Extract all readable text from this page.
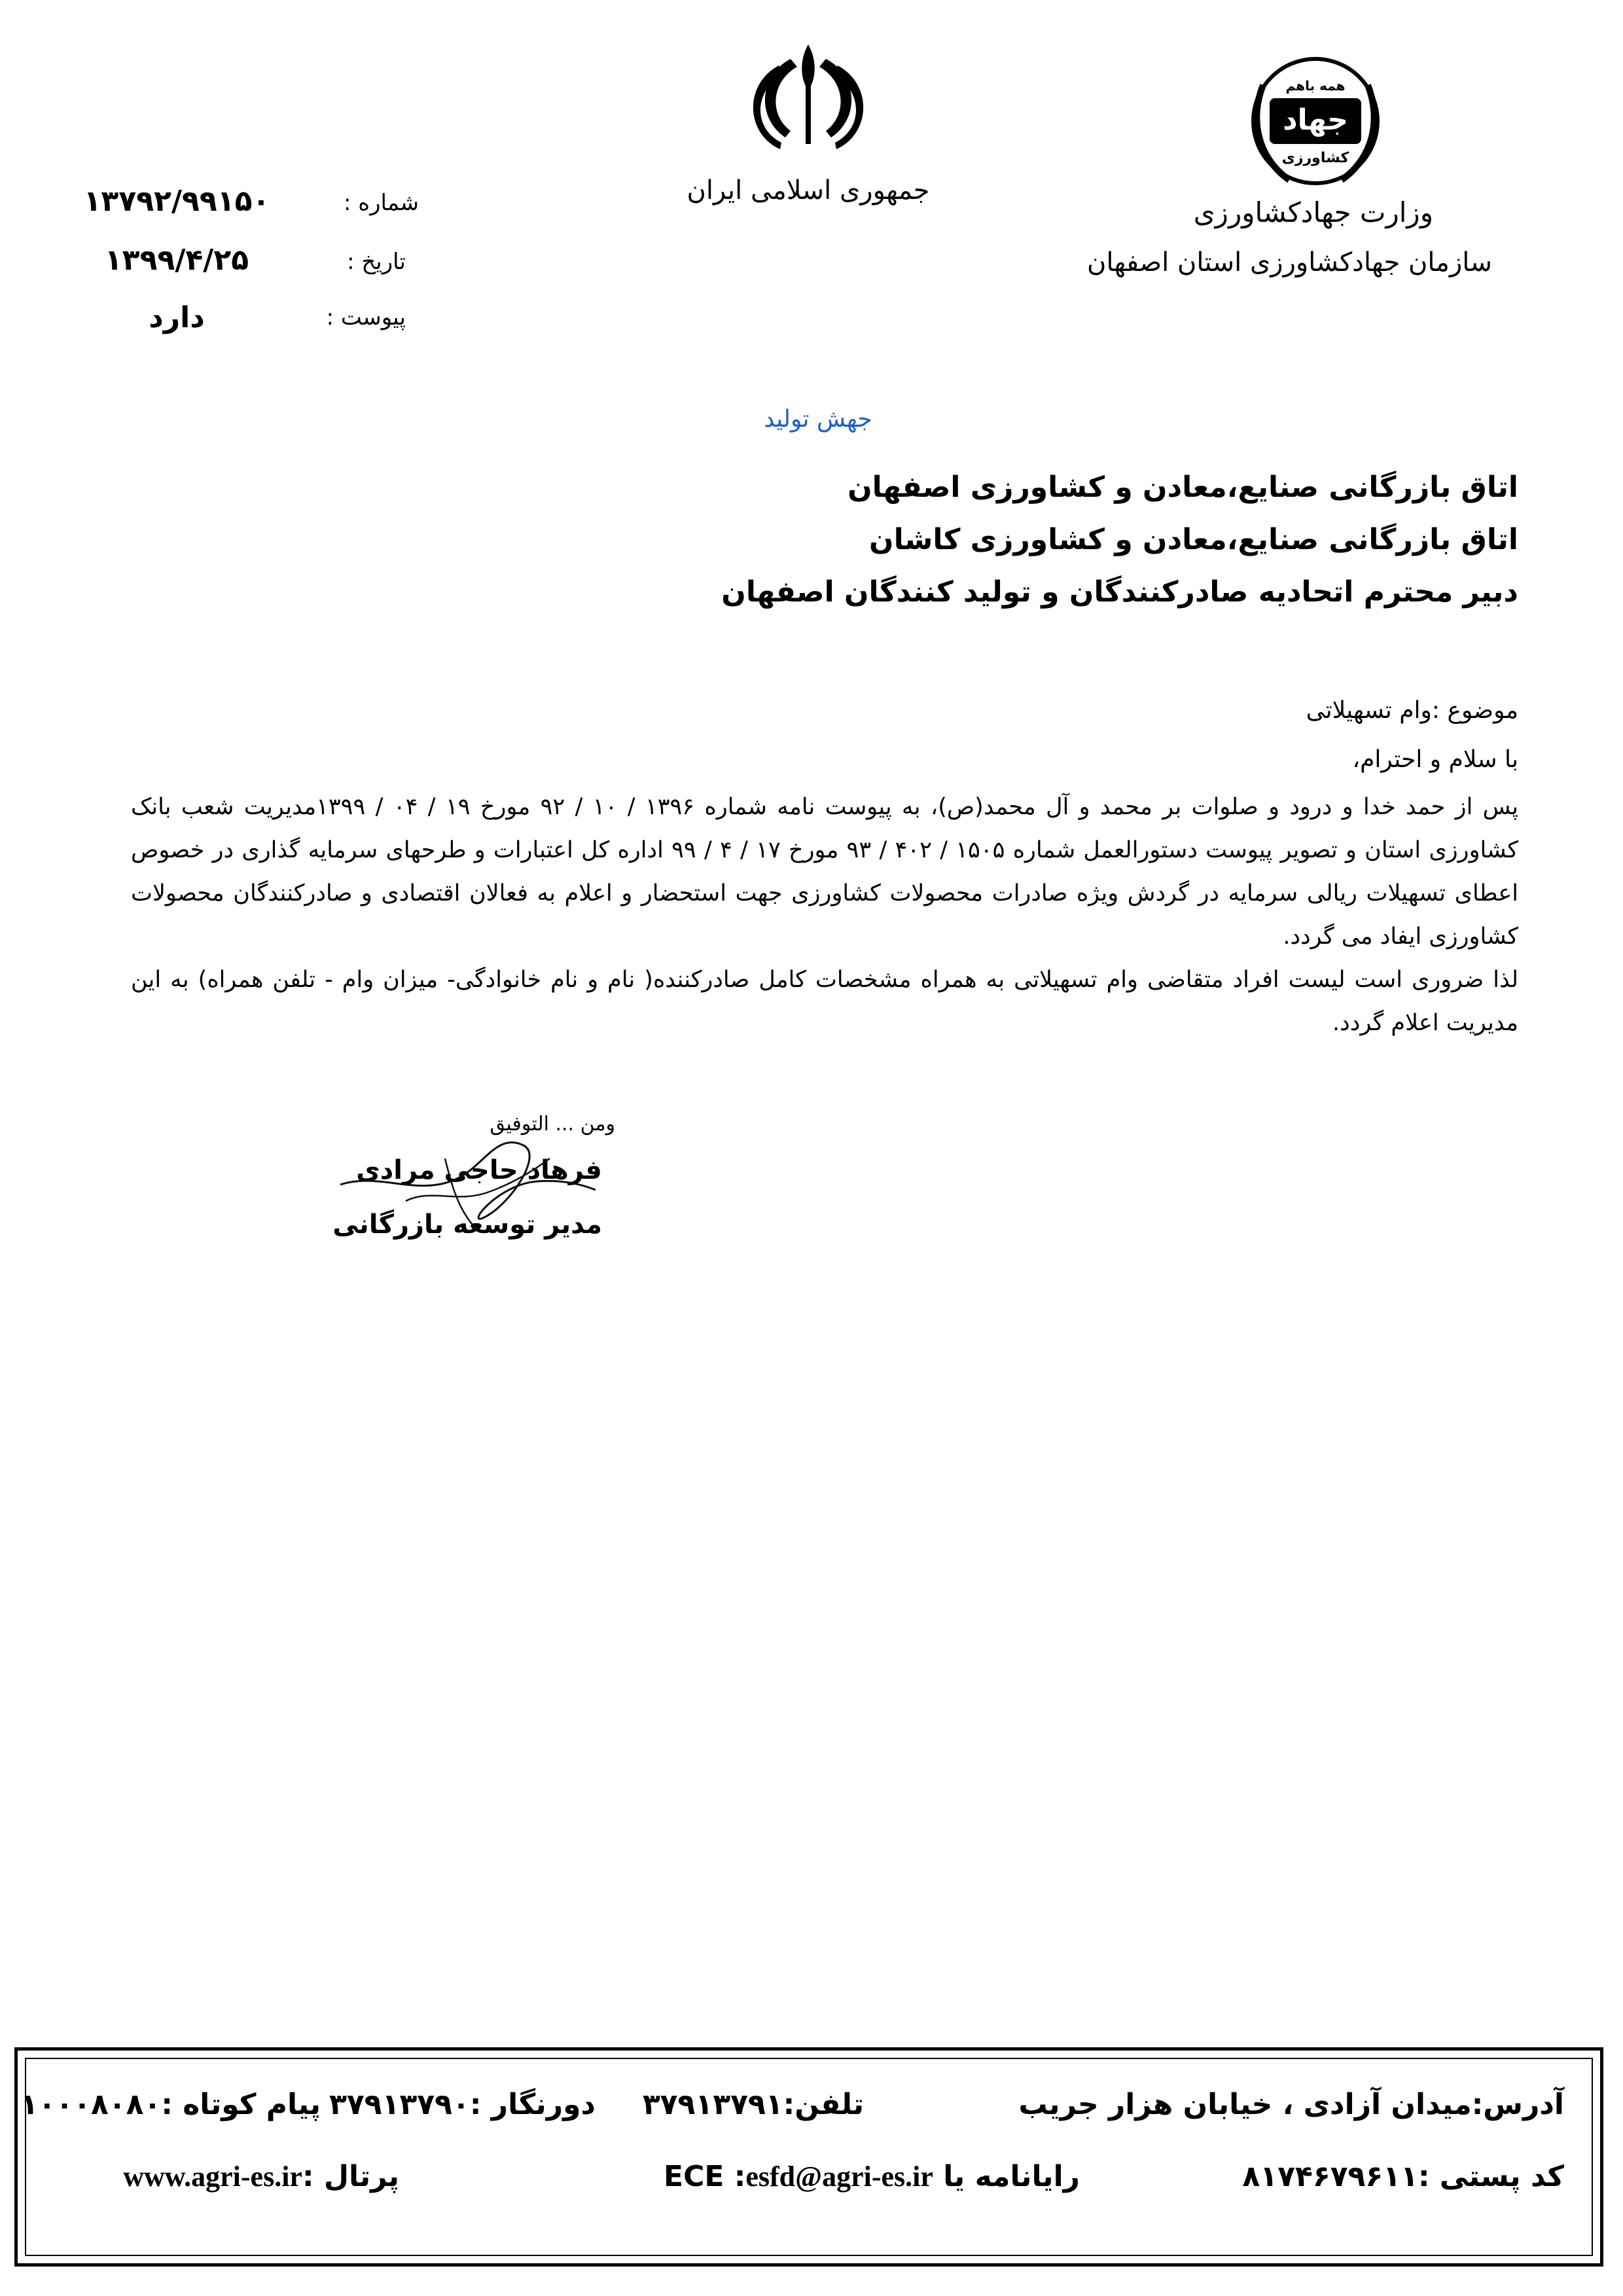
شماره :
۱۳۷۹۲/۹۹۱۵۰
تاریخ :
۱۳۹۹/۴/۲۵
پیوست :
دارد
جمهوری اسلامی ایران
جهاد
همه باهم
کشاورزی
وزارت جهادکشاورزی
سازمان جهادکشاورزی استان اصفهان
جهش تولید
اتاق بازرگانی صنایع،معادن و کشاورزی اصفهان
اتاق بازرگانی صنایع،معادن و کشاورزی کاشان
دبیر محترم اتحادیه صادرکنندگان و تولید کنندگان اصفهان
موضوع :وام تسهیلاتی
با سلام و احترام،

پس از حمد خدا و درود و صلوات بر محمد و آل محمد(ص)، به پیوست نامه شماره ۱۳۹۶ / ۱۰ / ۹۲ مورخ ۱۹ / ۰۴ / ۱۳۹۹مدیریت شعب بانک کشاورزی استان و تصویر پیوست دستورالعمل شماره ۱۵۰۵ / ۴۰۲ / ۹۳ مورخ ۱۷ / ۴ / ۹۹ اداره کل اعتبارات و طرحهای سرمایه گذاری در خصوص اعطای تسهیلات ریالی سرمایه در گردش ویژه صادرات محصولات کشاورزی جهت استحضار و اعلام به فعالان اقتصادی و صادرکنندگان محصولات کشاورزی ایفاد می گردد.

لذا ضروری است لیست افراد متقاضی وام تسهیلاتی به همراه مشخصات کامل صادرکننده( نام و نام خانوادگی- میزان وام - تلفن همراه) به این مدیریت اعلام گردد.

ومن ... التوفیق
فرهاد حاجی مرادی
مدیر توسعه بازرگانی
آدرس:میدان آزادی ، خیابان هزار جریب
تلفن:۳۷۹۱۳۷۹۱
دورنگار :۳۷۹۱۳۷۹۰
پیام کوتاه :۱۰۰۰۸۰۸۰
کد پستی :۸۱۷۴۶۷۹۶۱۱
رایانامه یا ECE :esfd@agri-es.ir
پرتال :www.agri-es.ir
